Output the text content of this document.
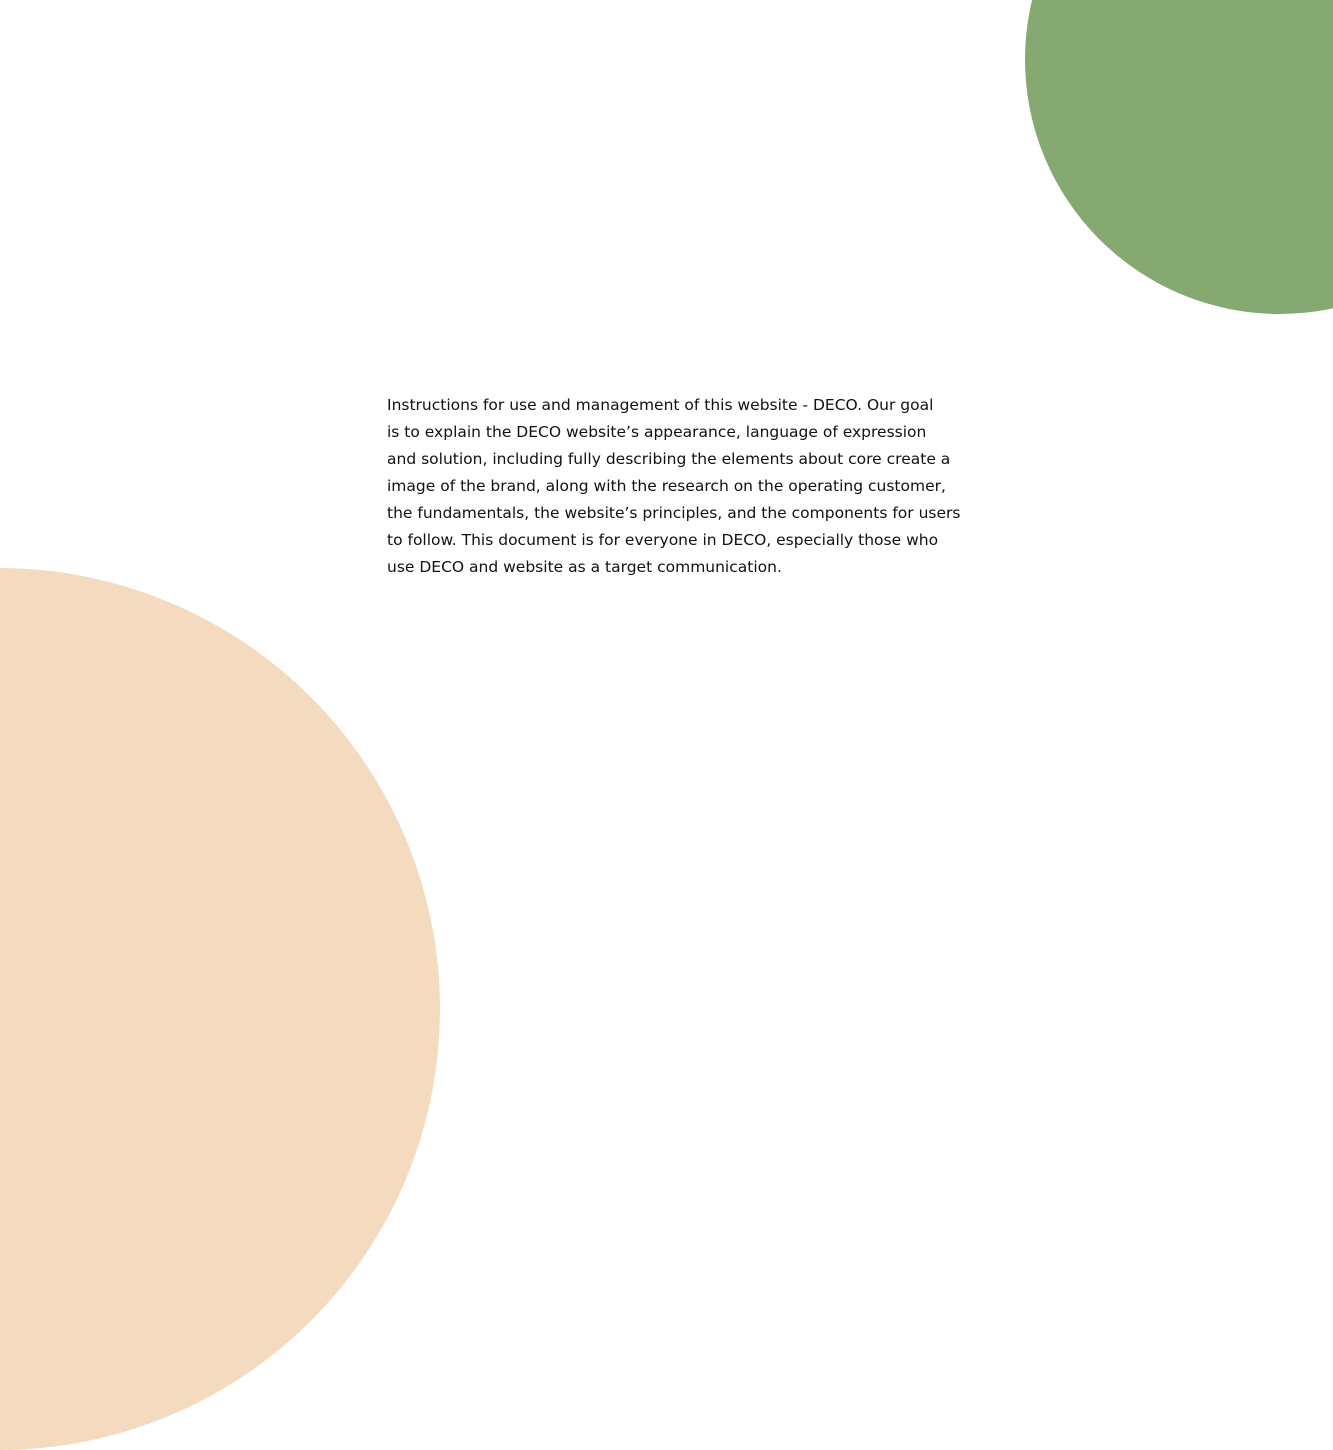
Instructions for use and management of this website - DECO. Our goal
is to explain the DECO website’s appearance, language of expression
and solution, including fully describing the elements about core create a
image of the brand, along with the research on the operating customer,
the fundamentals, the website’s principles, and the components for users
to follow. This document is for everyone in DECO, especially those who
use DECO and website as a target communication.
